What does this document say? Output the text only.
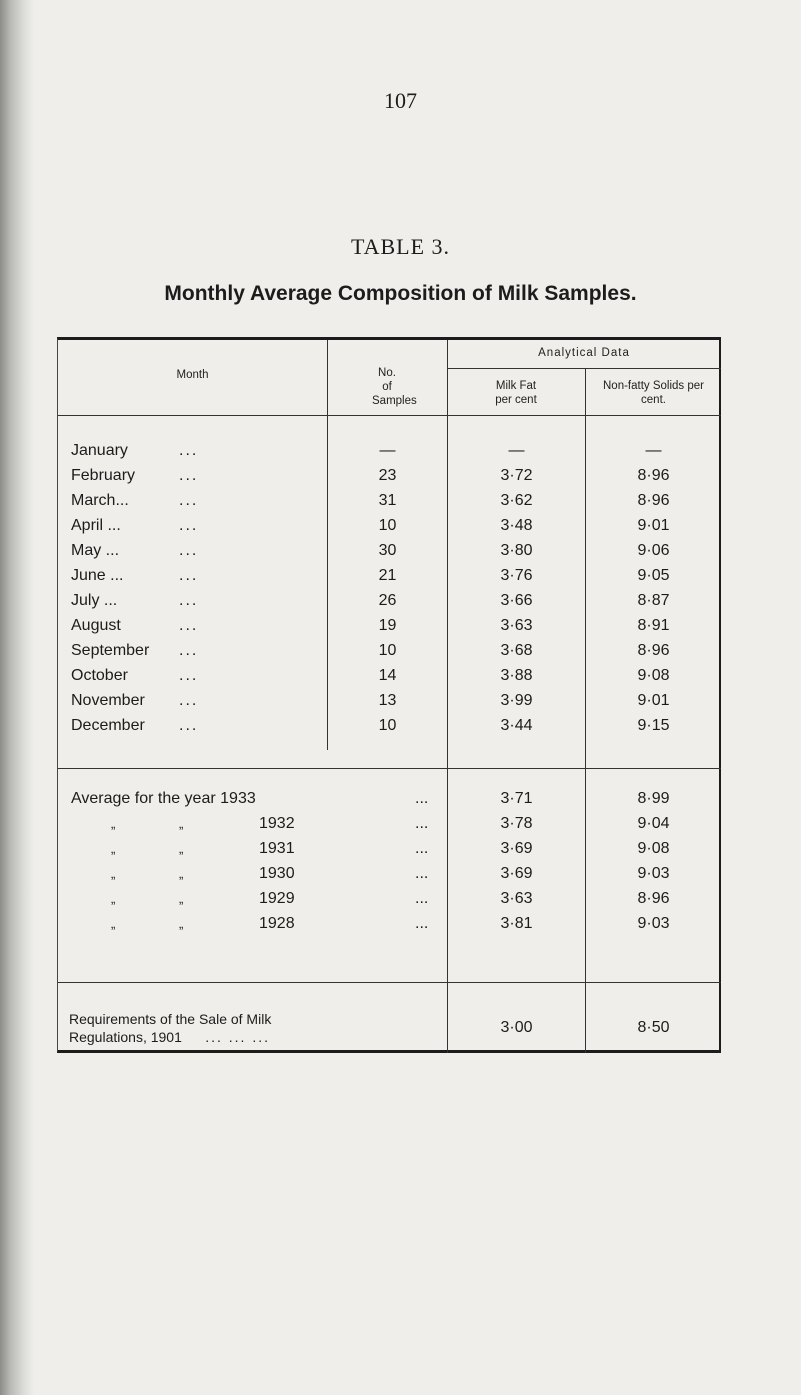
107
TABLE 3.
Monthly Average Composition of Milk Samples.
Month	No. of Samples
Analytical Data
Milk Fat per cent
Non-fatty Solids per cent.
January	...	—	—	—
February	...	23	3·72	8·96
March...	...	31	3·62	8·96
April ...	...	10	3·48	9·01
May ...	...	30	3·80	9·06
June ...	...	21	3·76	9·05
July ...	...	26	3·66	8·87
August	...	19	3·63	8·91
September ...	10	3·68	8·96
October	...	14	3·88	9·08
November ...	13	3·99	9·01
December ...	10	3·44	9·15
Average for the year 1933	...	3·71	8·99
„ „	1932	...	3·78	9·04
„ „	1931	...	3·69	9·08
„ „	1930	...	3·69	9·03
„ „	1929	...	3·63	8·96
„ „	1928	...	3·81	9·03
Requirements of the Sale of Milk
Regulations, 1901 ... ... ...
3·00	8·50
